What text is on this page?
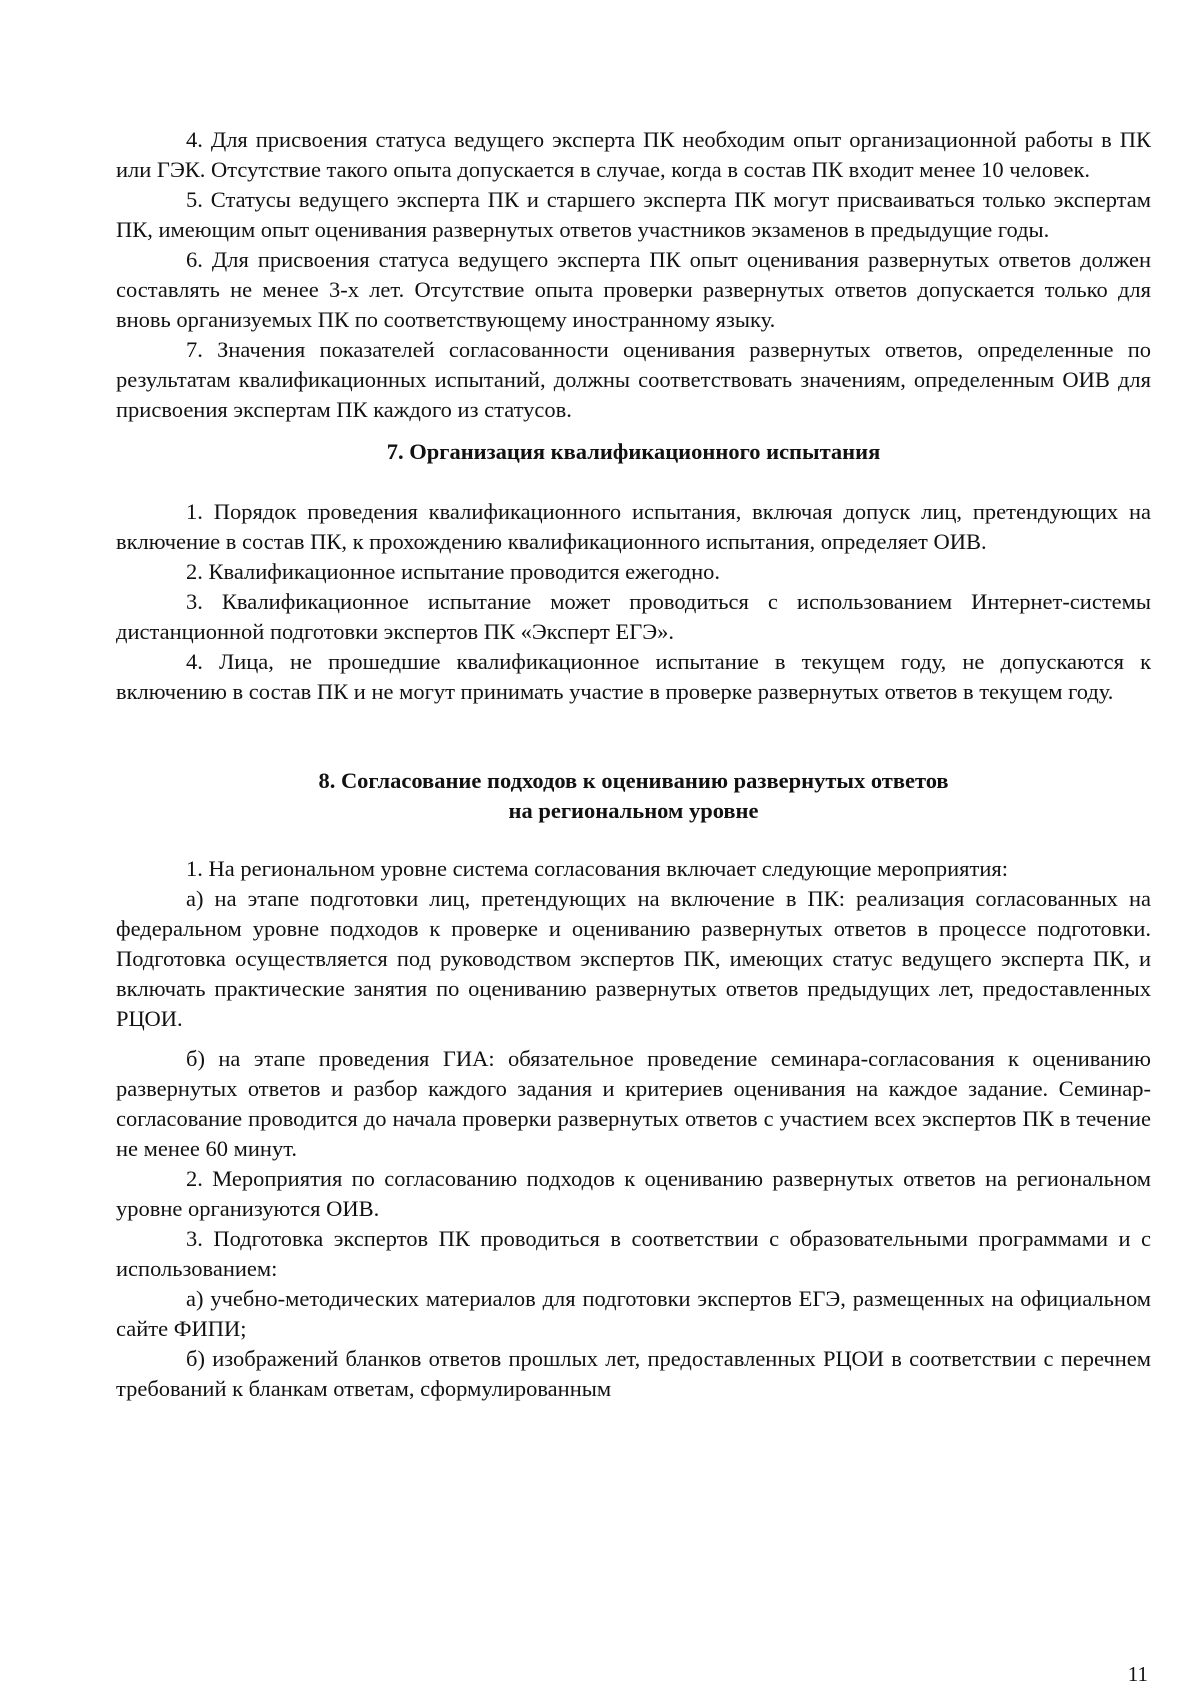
4. Для присвоения статуса ведущего эксперта ПК необходим опыт организационной работы в ПК или ГЭК. Отсутствие такого опыта допускается в случае, когда в состав ПК входит менее 10 человек.

5. Статусы ведущего эксперта ПК и старшего эксперта ПК могут присваиваться только экспертам ПК, имеющим опыт оценивания развернутых ответов участников экзаменов в предыдущие годы.

6. Для присвоения статуса ведущего эксперта ПК опыт оценивания развернутых ответов должен составлять не менее 3-х лет. Отсутствие опыта проверки развернутых ответов допускается только для вновь организуемых ПК по соответствующему иностранному языку.

7. Значения показателей согласованности оценивания развернутых ответов, определенные по результатам квалификационных испытаний, должны соответствовать значениям, определенным ОИВ для присвоения экспертам ПК каждого из статусов.

7. Организация квалификационного испытания

1. Порядок проведения квалификационного испытания, включая допуск лиц, претендующих на включение в состав ПК, к прохождению квалификационного испытания, определяет ОИВ.

2. Квалификационное испытание проводится ежегодно.

3. Квалификационное испытание может проводиться с использованием Интернет-системы дистанционной подготовки экспертов ПК «Эксперт ЕГЭ».

4. Лица, не прошедшие квалификационное испытание в текущем году, не допускаются к включению в состав ПК и не могут принимать участие в проверке развернутых ответов в текущем году.

8. Согласование подходов к оцениванию развернутых ответов

на региональном уровне

1. На региональном уровне система согласования включает следующие мероприятия:

а) на этапе подготовки лиц, претендующих на включение в ПК: реализация согласованных на федеральном уровне подходов к проверке и оцениванию развернутых ответов в процессе подготовки. Подготовка осуществляется под руководством экспертов ПК, имеющих статус ведущего эксперта ПК, и включать практические занятия по оцениванию развернутых ответов предыдущих лет, предоставленных РЦОИ.

б) на этапе проведения ГИА: обязательное проведение семинара-согласования к оцениванию развернутых ответов и разбор каждого задания и критериев оценивания на каждое задание. Семинар-согласование проводится до начала проверки развернутых ответов с участием всех экспертов ПК в течение не менее 60 минут.

2. Мероприятия по согласованию подходов к оцениванию развернутых ответов на региональном уровне организуются ОИВ.

3. Подготовка экспертов ПК проводиться в соответствии с образовательными программами и с использованием:

а) учебно-методических материалов для подготовки экспертов ЕГЭ, размещенных на официальном сайте ФИПИ;

б) изображений бланков ответов прошлых лет, предоставленных РЦОИ в соответствии с перечнем требований к бланкам ответам, сформулированным

11
